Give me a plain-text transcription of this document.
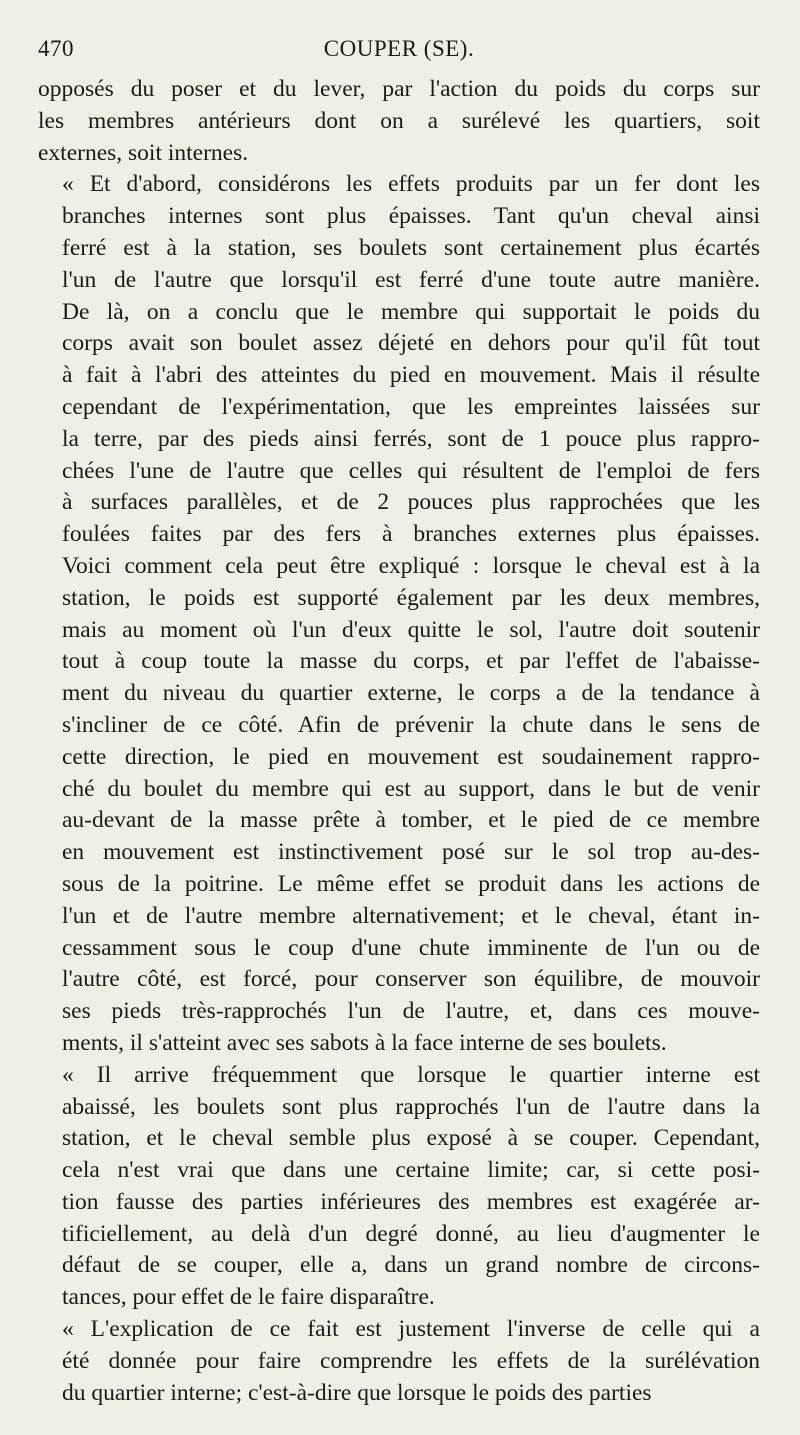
470	COUPER (SE).
opposés du poser et du lever, par l'action du poids du corps sur
les membres antérieurs dont on a surélevé les quartiers, soit
externes, soit internes.
« Et d'abord, considérons les effets produits par un fer dont les
branches internes sont plus épaisses. Tant qu'un cheval ainsi
ferré est à la station, ses boulets sont certainement plus écartés
l'un de l'autre que lorsqu'il est ferré d'une toute autre manière.
De là, on a conclu que le membre qui supportait le poids du
corps avait son boulet assez déjeté en dehors pour qu'il fût tout
à fait à l'abri des atteintes du pied en mouvement. Mais il résulte
cependant de l'expérimentation, que les empreintes laissées sur
la terre, par des pieds ainsi ferrés, sont de 1 pouce plus rappro-
chées l'une de l'autre que celles qui résultent de l'emploi de fers
à surfaces parallèles, et de 2 pouces plus rapprochées que les
foulées faites par des fers à branches externes plus épaisses.
Voici comment cela peut être expliqué : lorsque le cheval est à la
station, le poids est supporté également par les deux membres,
mais au moment où l'un d'eux quitte le sol, l'autre doit soutenir
tout à coup toute la masse du corps, et par l'effet de l'abaisse-
ment du niveau du quartier externe, le corps a de la tendance à
s'incliner de ce côté. Afin de prévenir la chute dans le sens de
cette direction, le pied en mouvement est soudainement rappro-
ché du boulet du membre qui est au support, dans le but de venir
au-devant de la masse prête à tomber, et le pied de ce membre
en mouvement est instinctivement posé sur le sol trop au-des-
sous de la poitrine. Le même effet se produit dans les actions de
l'un et de l'autre membre alternativement; et le cheval, étant in-
cessamment sous le coup d'une chute imminente de l'un ou de
l'autre côté, est forcé, pour conserver son équilibre, de mouvoir
ses pieds très-rapprochés l'un de l'autre, et, dans ces mouve-
ments, il s'atteint avec ses sabots à la face interne de ses boulets.
« Il arrive fréquemment que lorsque le quartier interne est
abaissé, les boulets sont plus rapprochés l'un de l'autre dans la
station, et le cheval semble plus exposé à se couper. Cependant,
cela n'est vrai que dans une certaine limite; car, si cette posi-
tion fausse des parties inférieures des membres est exagérée ar-
tificiellement, au delà d'un degré donné, au lieu d'augmenter le
défaut de se couper, elle a, dans un grand nombre de circons-
tances, pour effet de le faire disparaître.
« L'explication de ce fait est justement l'inverse de celle qui a
été donnée pour faire comprendre les effets de la surélévation
du quartier interne; c'est-à-dire que lorsque le poids des parties
